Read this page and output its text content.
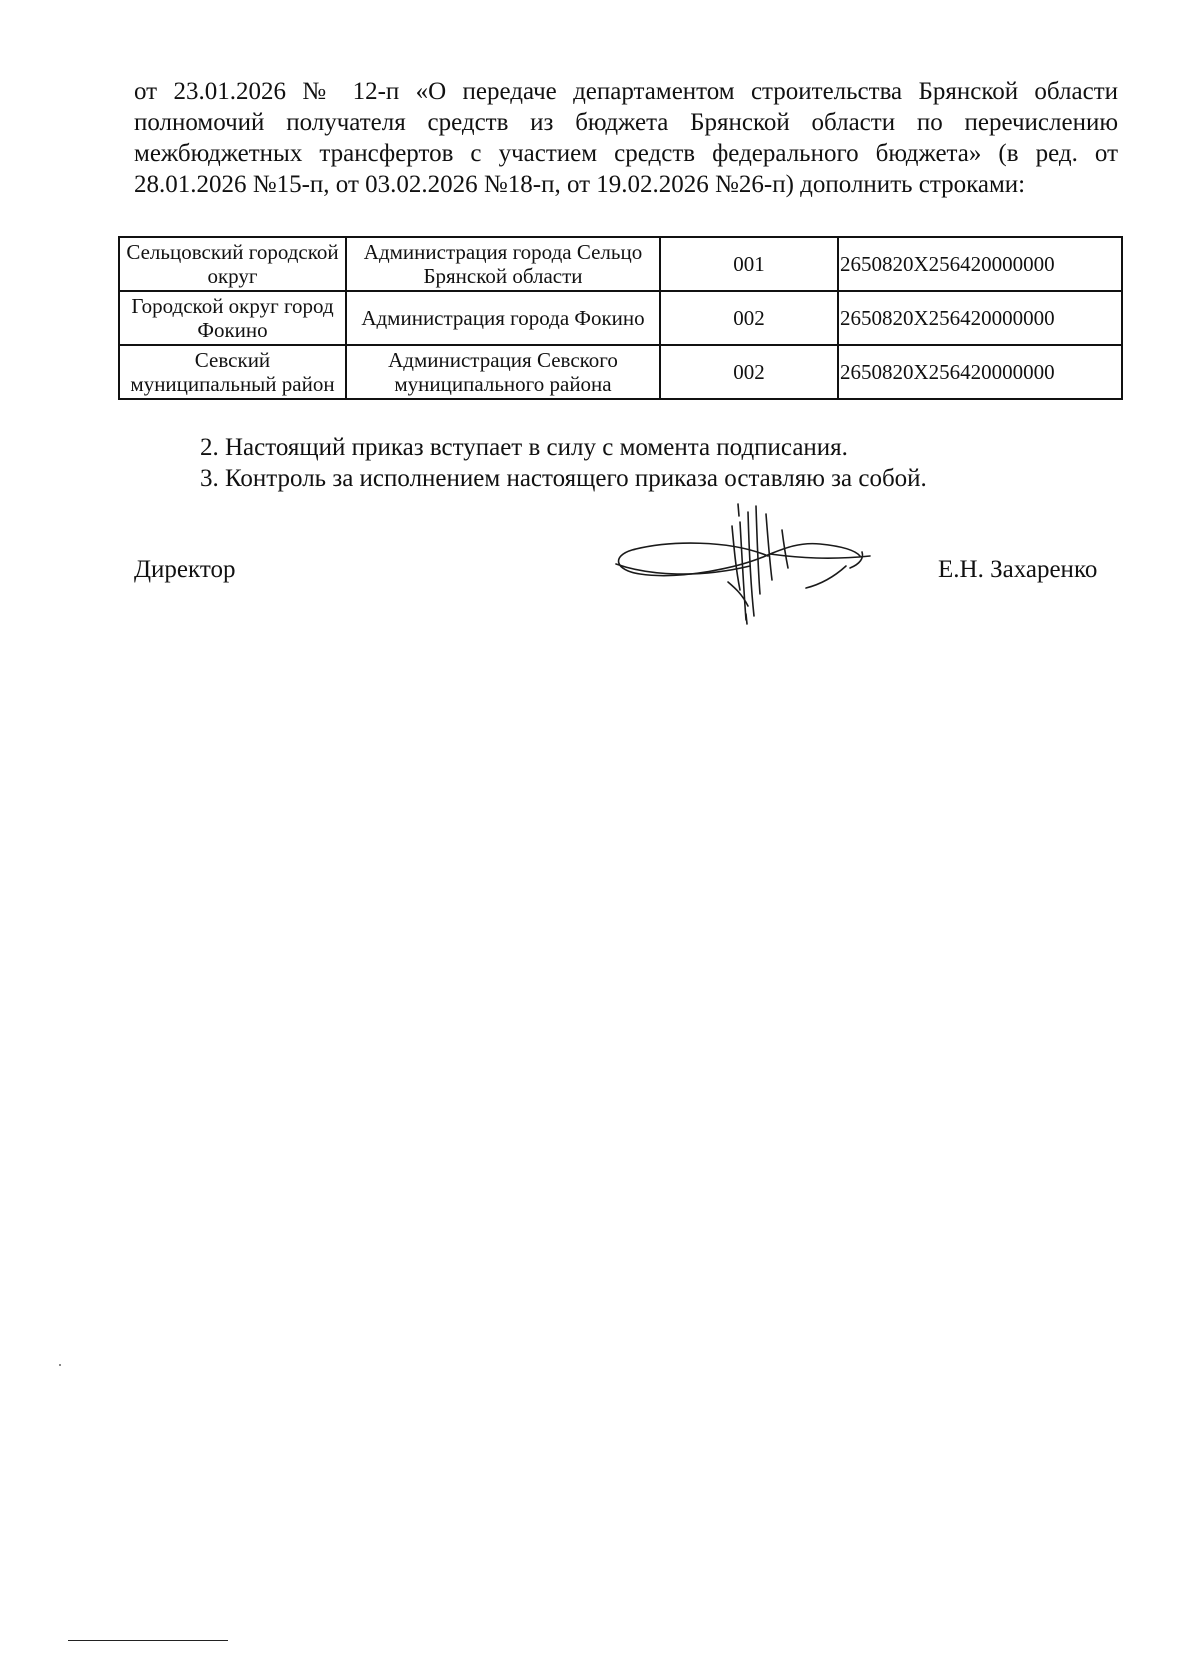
от 23.01.2026 № 12-п «О передаче департаментом строительства Брянской области полномочий получателя средств из бюджета Брянской области по перечислению межбюджетных трансфертов с участием средств федерального бюджета» (в ред. от 28.01.2026 №15-п, от 03.02.2026 №18-п, от 19.02.2026 №26-п) дополнить строками:

Сельцовский городской округ	Администрация города Сельцо Брянской области	001	2650820X256420000000
Городской округ город Фокино	Администрация города Фокино	002	2650820X256420000000
Севский муниципальный район	Администрация Севского муниципального района	002	2650820X256420000000

2. Настоящий приказ вступает в силу с момента подписания.

3. Контроль за исполнением настоящего приказа оставляю за собой.

Директор	Е.Н. Захаренко
